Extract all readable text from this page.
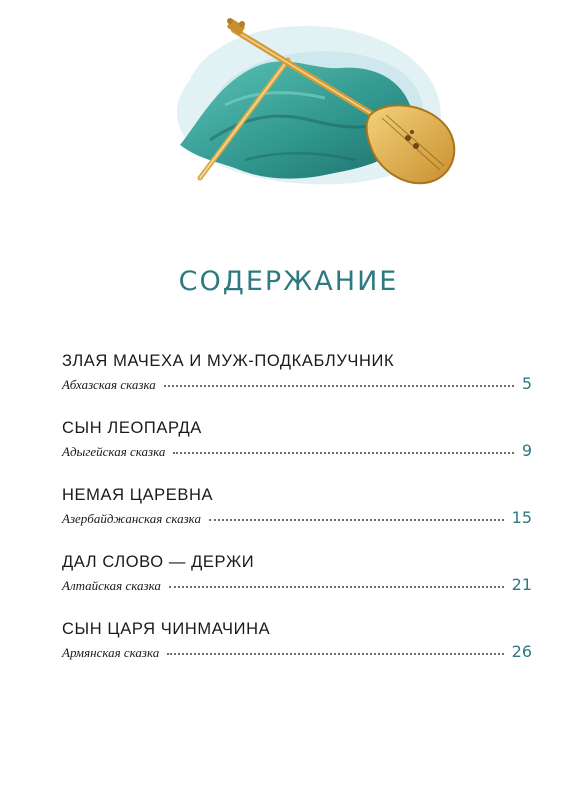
СОДЕРЖАНИЕ
ЗЛАЯ МАЧЕХА И МУЖ-ПОДКАБЛУЧНИК
Абхазская сказка	5
СЫН ЛЕОПАРДА
Адыгейская сказка	9
НЕМАЯ ЦАРЕВНА
Азербайджанская сказка	15
ДАЛ СЛОВО — ДЕРЖИ
Алтайская сказка	21
СЫН ЦАРЯ ЧИНМАЧИНА
Армянская сказка	26
